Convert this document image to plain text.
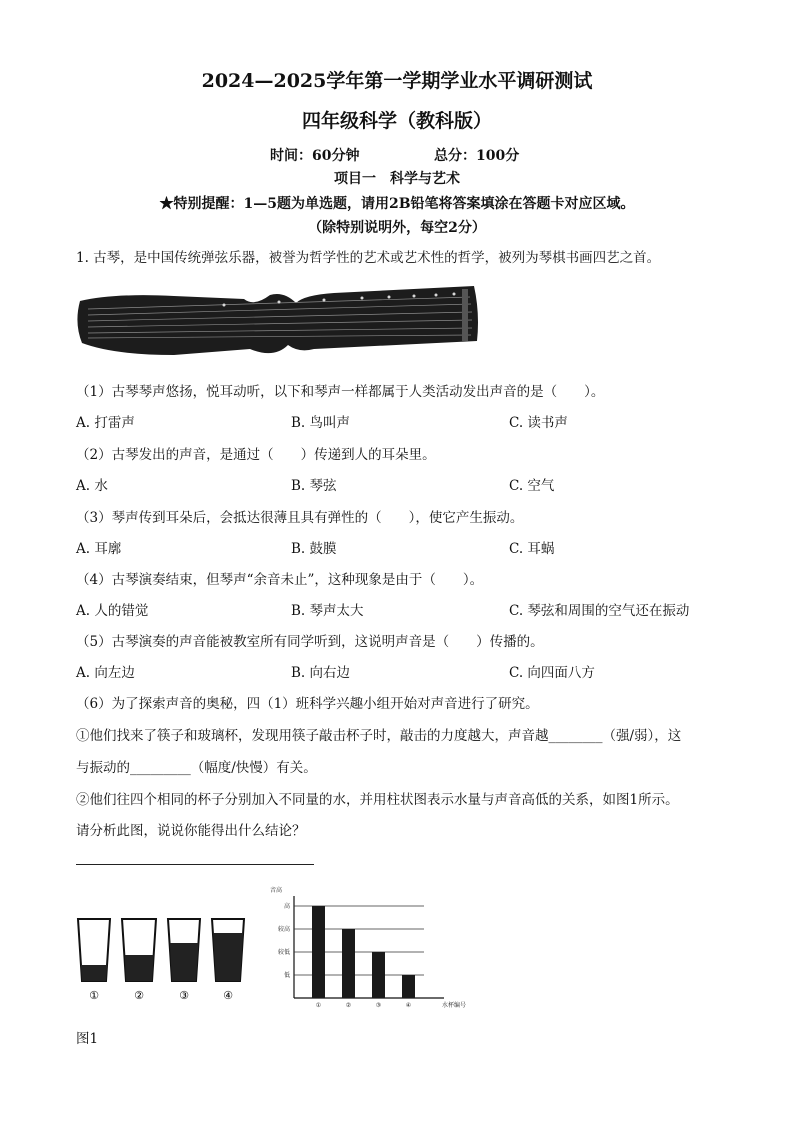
2024—2025学年第一学期学业水平调研测试
四年级科学（教科版）
时间：60分钟	总分：100分
项目一　科学与艺术
★特别提醒：1—5题为单选题，请用2B铅笔将答案填涂在答题卡对应区域。
（除特别说明外，每空2分）
1. 古琴，是中国传统弹弦乐器，被誉为哲学性的艺术或艺术性的哲学，被列为琴棋书画四艺之首。
（1）古琴琴声悠扬，悦耳动听，以下和琴声一样都属于人类活动发出声音的是（　　）。
A. 打雷声	B. 鸟叫声	C. 读书声
（2）古琴发出的声音，是通过（　　）传递到人的耳朵里。
A. 水	B. 琴弦	C. 空气
（3）琴声传到耳朵后，会抵达很薄且具有弹性的（　　），使它产生振动。
A. 耳廓	B. 鼓膜	C. 耳蜗
（4）古琴演奏结束，但琴声“余音未止”，这种现象是由于（　　）。
A. 人的错觉	B. 琴声太大	C. 琴弦和周围的空气还在振动
（5）古琴演奏的声音能被教室所有同学听到，这说明声音是（　　）传播的。
A. 向左边	B. 向右边	C. 向四面八方
（6）为了探索声音的奥秘，四（1）班科学兴趣小组开始对声音进行了研究。
①他们找来了筷子和玻璃杯，发现用筷子敲击杯子时，敲击的力度越大，声音越________（强/弱），这
与振动的_________（幅度/快慢）有关。
②他们往四个相同的杯子分别加入不同量的水，并用柱状图表示水量与声音高低的关系，如图1所示。
请分析此图，说说你能得出什么结论？
①	②	③	④
音高
高
较高
较低
低
①	②	③	④	水杯编号
图1
